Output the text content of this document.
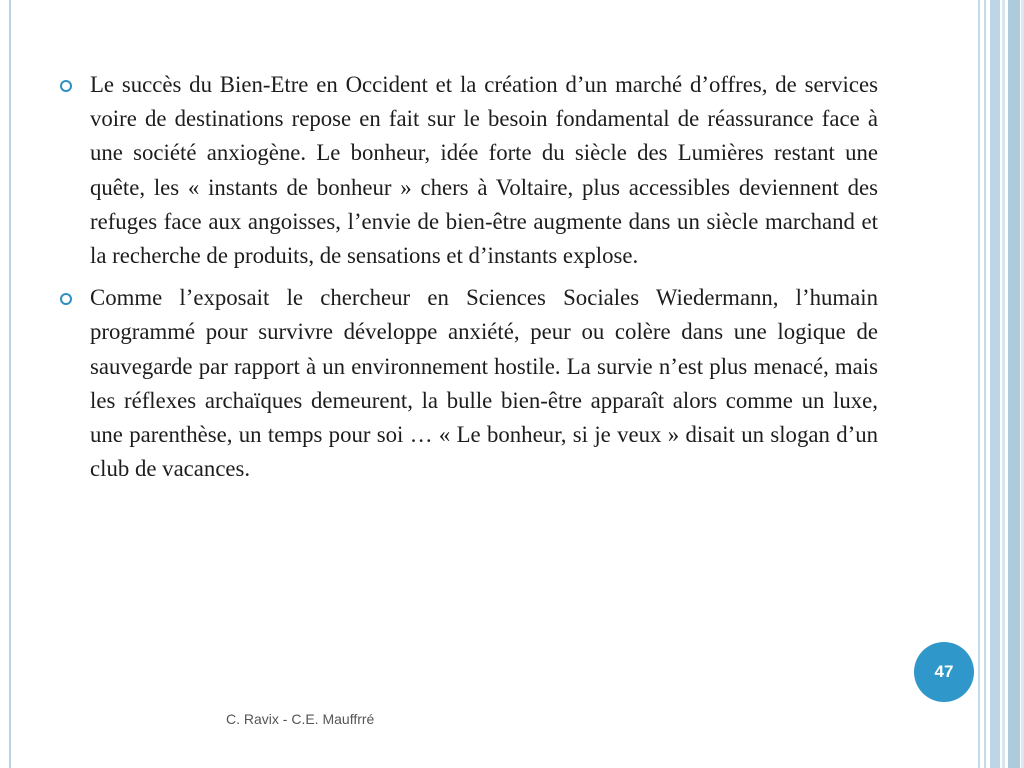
Le succès du Bien-Etre en Occident et la création d’un marché d’offres, de services voire de destinations repose en fait sur le besoin fondamental de réassurance face à une société anxiogène. Le bonheur, idée forte du siècle des Lumières restant une quête, les « instants de bonheur » chers à Voltaire, plus accessibles deviennent des refuges face aux angoisses, l’envie de bien-être augmente dans un siècle marchand et la recherche de produits, de sensations et d’instants explose.

Comme l’exposait le chercheur en Sciences Sociales Wiedermann, l’humain programmé pour survivre développe anxiété, peur ou colère dans une logique de sauvegarde par rapport à un environnement hostile. La survie n’est plus menacé, mais les réflexes archaïques demeurent, la bulle bien-être apparaît alors comme un luxe, une parenthèse, un temps pour soi … « Le bonheur, si je veux » disait un slogan d’un club de vacances.

47
C. Ravix - C.E. Mauffrré
